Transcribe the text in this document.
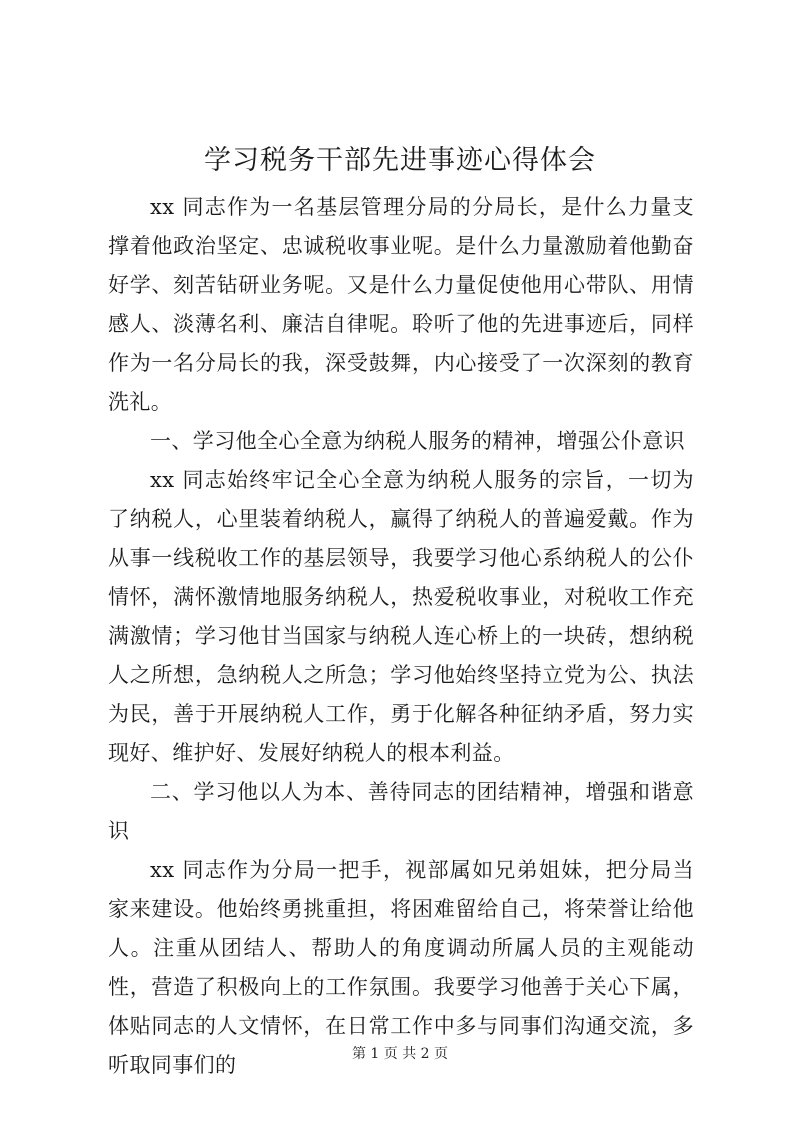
学习税务干部先进事迹心得体会

xx 同志作为一名基层管理分局的分局长，是什么力量支撑着他政治坚定、忠诚税收事业呢。是什么力量激励着他勤奋好学、刻苦钻研业务呢。又是什么力量促使他用心带队、用情感人、淡薄名利、廉洁自律呢。聆听了他的先进事迹后，同样作为一名分局长的我，深受鼓舞，内心接受了一次深刻的教育洗礼。

一、学习他全心全意为纳税人服务的精神，增强公仆意识

xx 同志始终牢记全心全意为纳税人服务的宗旨，一切为了纳税人，心里装着纳税人，赢得了纳税人的普遍爱戴。作为从事一线税收工作的基层领导，我要学习他心系纳税人的公仆情怀，满怀激情地服务纳税人，热爱税收事业，对税收工作充满激情；学习他甘当国家与纳税人连心桥上的一块砖，想纳税人之所想，急纳税人之所急；学习他始终坚持立党为公、执法为民，善于开展纳税人工作，勇于化解各种征纳矛盾，努力实现好、维护好、发展好纳税人的根本利益。

二、学习他以人为本、善待同志的团结精神，增强和谐意识

xx 同志作为分局一把手，视部属如兄弟姐妹，把分局当家来建设。他始终勇挑重担，将困难留给自己，将荣誉让给他人。注重从团结人、帮助人的角度调动所属人员的主观能动性，营造了积极向上的工作氛围。我要学习他善于关心下属，体贴同志的人文情怀，在日常工作中多与同事们沟通交流，多听取同事们的	第 1 页 共 2 页
